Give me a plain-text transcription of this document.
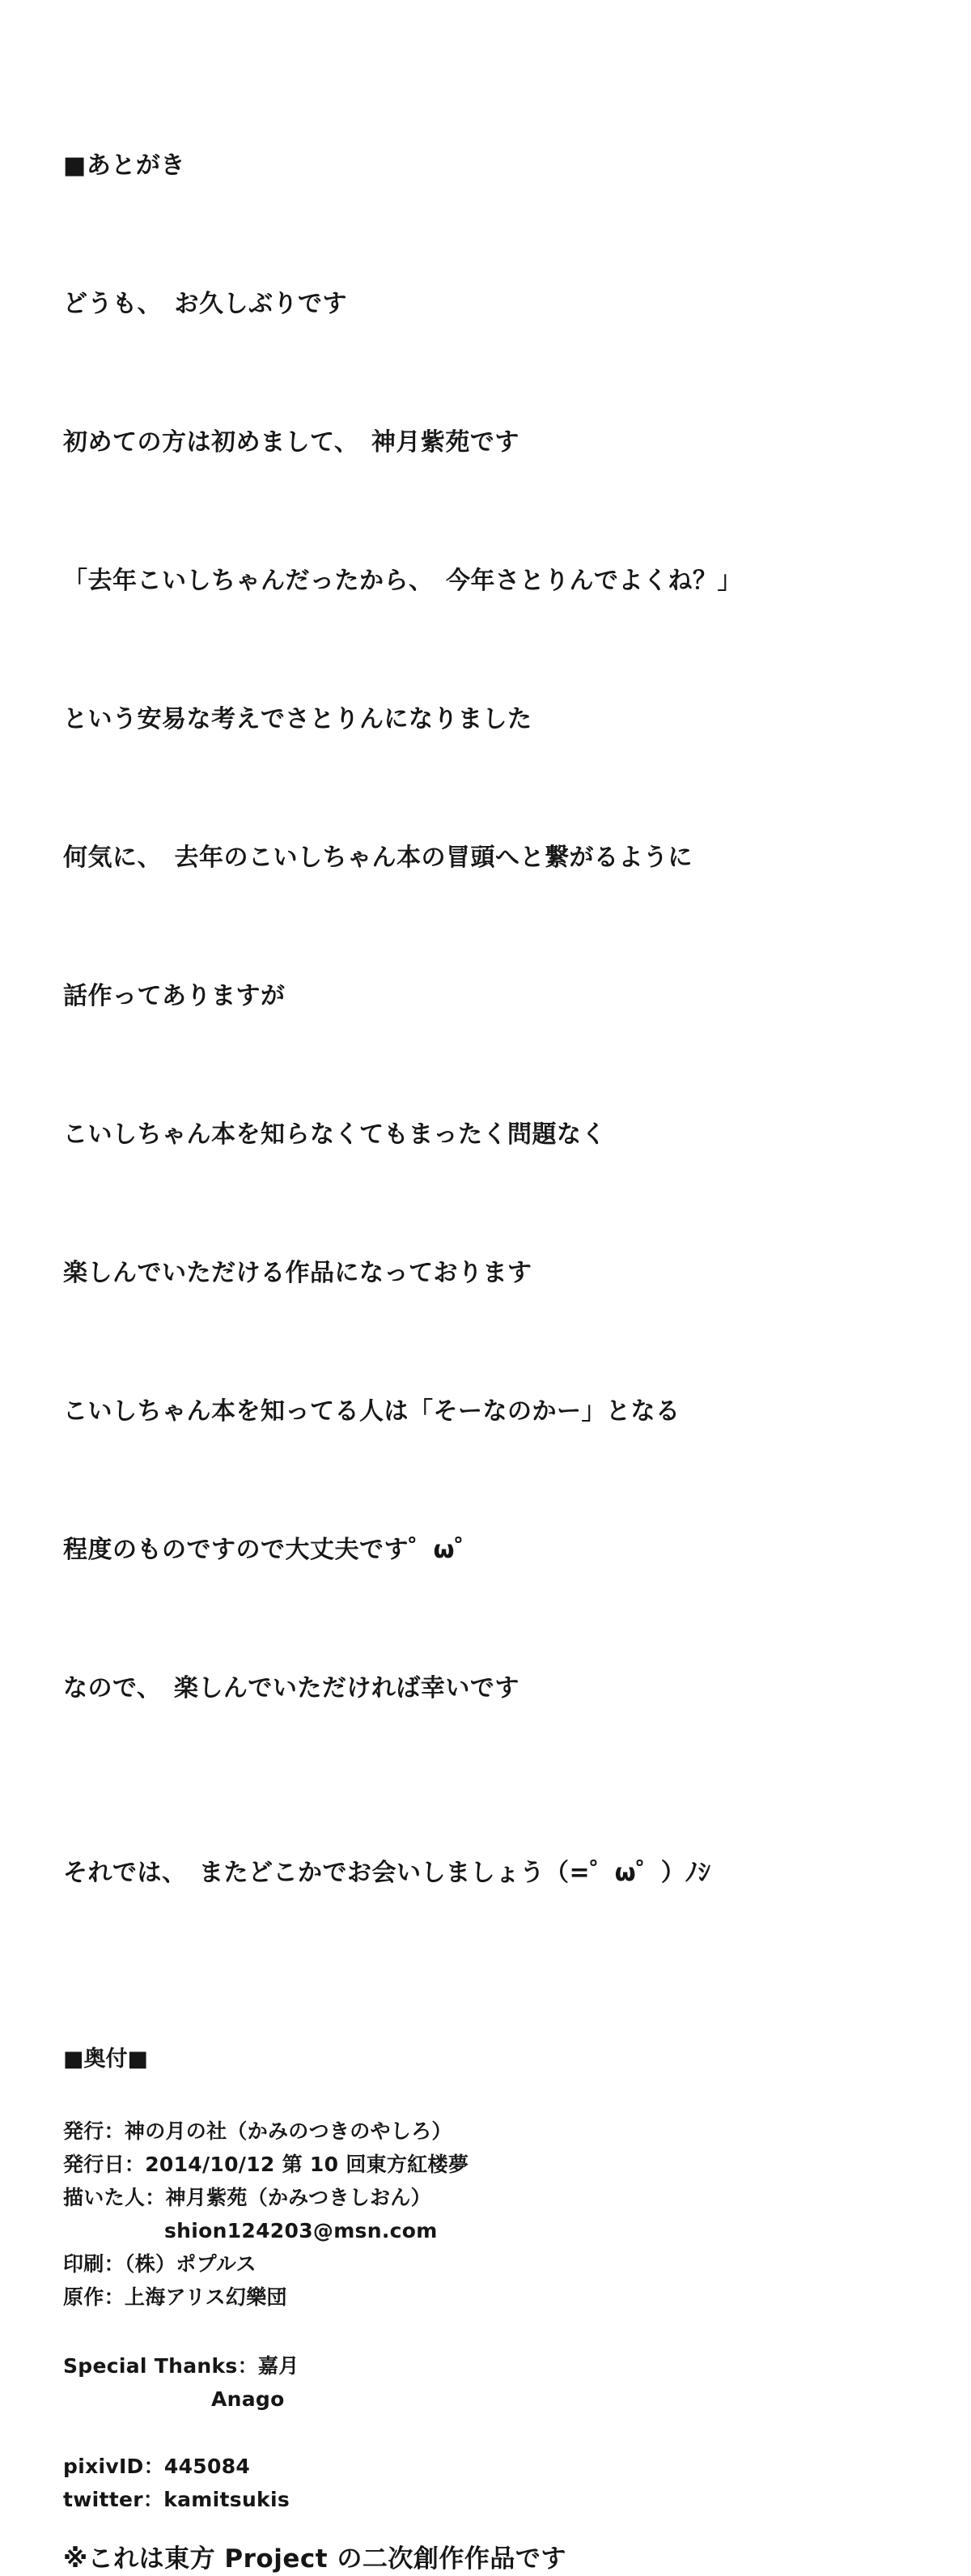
■あとがき

どうも、　お久しぶりです

初めての方は初めまして、　神月紫苑です

「去年こいしちゃんだったから、　今年さとりんでよくね？」

という安易な考えでさとりんになりました

何気に、　去年のこいしちゃん本の冒頭へと繋がるように

話作ってありますが

こいしちゃん本を知らなくてもまったく問題なく

楽しんでいただける作品になっております

こいしちゃん本を知ってる人は「そーなのかー」となる

程度のものですので大丈夫です゜ω゜

なので、　楽しんでいただければ幸いです

それでは、　またどこかでお会いしましょう（=゜ω゜）ﾉｼ

■奥付■
発行：神の月の社（かみのつきのやしろ）
発行日：2014/10/12 第 10 回東方紅楼夢
描いた人：神月紫苑（かみつきしおん）
shion124203@msn.com
印刷：（株）ポプルス
原作：上海アリス幻樂団
Special Thanks：嘉月
Anago
pixivID：445084
twitter：kamitsukis
※これは東方 Project の二次創作作品です
